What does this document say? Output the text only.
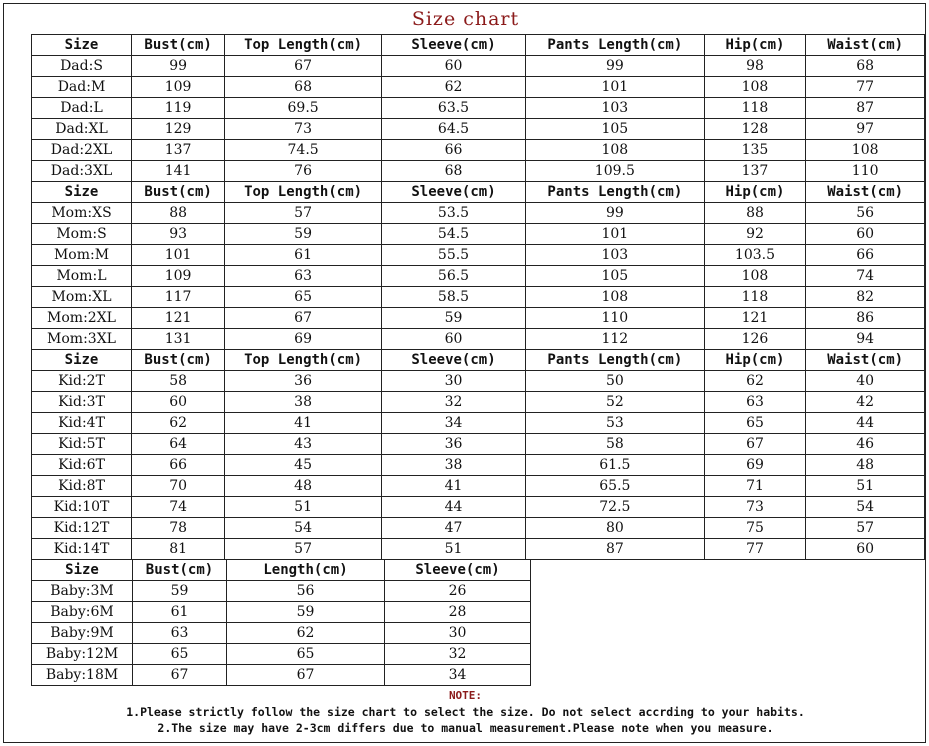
Size chart
Size	Bust(cm)	Top Length(cm)	Sleeve(cm)	Pants Length(cm)	Hip(cm)	Waist(cm)
Dad:S	99	67	60	99	98	68
Dad:M	109	68	62	101	108	77
Dad:L	119	69.5	63.5	103	118	87
Dad:XL	129	73	64.5	105	128	97
Dad:2XL	137	74.5	66	108	135	108
Dad:3XL	141	76	68	109.5	137	110
Size	Bust(cm)	Top Length(cm)	Sleeve(cm)	Pants Length(cm)	Hip(cm)	Waist(cm)
Mom:XS	88	57	53.5	99	88	56
Mom:S	93	59	54.5	101	92	60
Mom:M	101	61	55.5	103	103.5	66
Mom:L	109	63	56.5	105	108	74
Mom:XL	117	65	58.5	108	118	82
Mom:2XL	121	67	59	110	121	86
Mom:3XL	131	69	60	112	126	94
Size	Bust(cm)	Top Length(cm)	Sleeve(cm)	Pants Length(cm)	Hip(cm)	Waist(cm)
Kid:2T	58	36	30	50	62	40
Kid:3T	60	38	32	52	63	42
Kid:4T	62	41	34	53	65	44
Kid:5T	64	43	36	58	67	46
Kid:6T	66	45	38	61.5	69	48
Kid:8T	70	48	41	65.5	71	51
Kid:10T	74	51	44	72.5	73	54
Kid:12T	78	54	47	80	75	57
Kid:14T	81	57	51	87	77	60
Size	Bust(cm)	Length(cm)	Sleeve(cm)
Baby:3M	59	56	26
Baby:6M	61	59	28
Baby:9M	63	62	30
Baby:12M	65	65	32
Baby:18M	67	67	34
NOTE:
1.Please strictly follow the size chart to select the size. Do not select accrding to your habits.
2.The size may have 2-3cm differs due to manual measurement.Please note when you measure.
